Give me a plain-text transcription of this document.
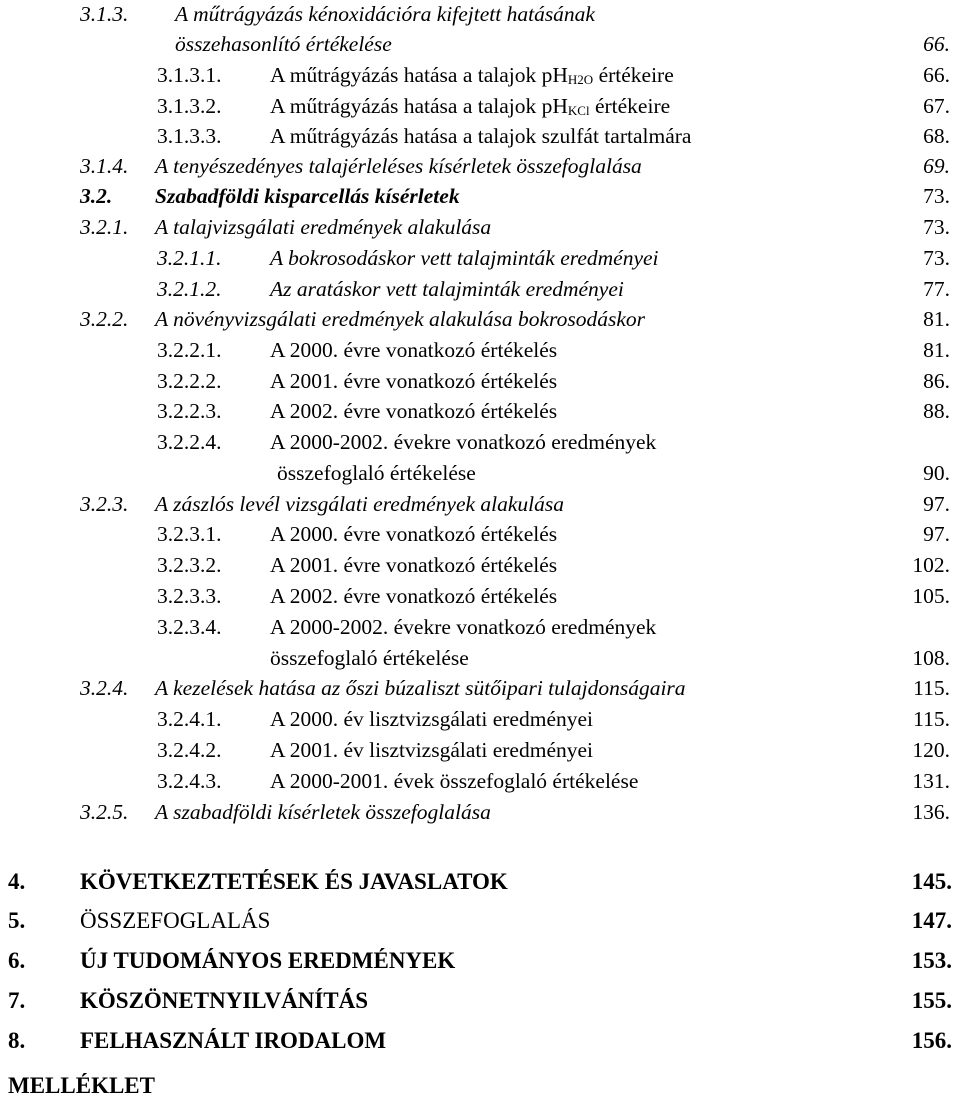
3.1.3. A műtrágyázás kénoxidációra kifejtett hatásának
összehasonlító értékelése	66.
3.1.3.1. A műtrágyázás hatása a talajok $pH_{H2O}$ értékeire	66.
3.1.3.2. A műtrágyázás hatása a talajok $pH_{KCl}$ értékeire	67.
3.1.3.3. A műtrágyázás hatása a talajok szulfát tartalmára	68.
3.1.4. A tenyészedényes talajérleléses kísérletek összefoglalása	69.
3.2. Szabadföldi kisparcellás kísérletek	73.
3.2.1. A talajvizsgálati eredmények alakulása	73.
3.2.1.1. A bokrosodáskor vett talajminták eredményei	73.
3.2.1.2. Az aratáskor vett talajminták eredményei	77.
3.2.2. A növényvizsgálati eredmények alakulása bokrosodáskor	81.
3.2.2.1. A 2000. évre vonatkozó értékelés	81.
3.2.2.2. A 2001. évre vonatkozó értékelés	86.
3.2.2.3. A 2002. évre vonatkozó értékelés	88.
3.2.2.4. A 2000-2002. évekre vonatkozó eredmények
összefoglaló értékelése	90.
3.2.3. A zászlós levél vizsgálati eredmények alakulása	97.
3.2.3.1. A 2000. évre vonatkozó értékelés	97.
3.2.3.2. A 2001. évre vonatkozó értékelés	102.
3.2.3.3. A 2002. évre vonatkozó értékelés	105.
3.2.3.4. A 2000-2002. évekre vonatkozó eredmények
összefoglaló értékelése	108.
3.2.4. A kezelések hatása az őszi búzaliszt sütőipari tulajdonságaira	115.
3.2.4.1. A 2000. év lisztvizsgálati eredményei	115.
3.2.4.2. A 2001. év lisztvizsgálati eredményei	120.
3.2.4.3. A 2000-2001. évek összefoglaló értékelése	131.
3.2.5. A szabadföldi kísérletek összefoglalása	136.
4. KÖVETKEZTETÉSEK ÉS JAVASLATOK	145.
5. ÖSSZEFOGLALÁS	147.
6. ÚJ TUDOMÁNYOS EREDMÉNYEK	153.
7. KÖSZÖNETNYILVÁNÍTÁS	155.
8. FELHASZNÁLT IRODALOM	156.
MELLÉKLET
